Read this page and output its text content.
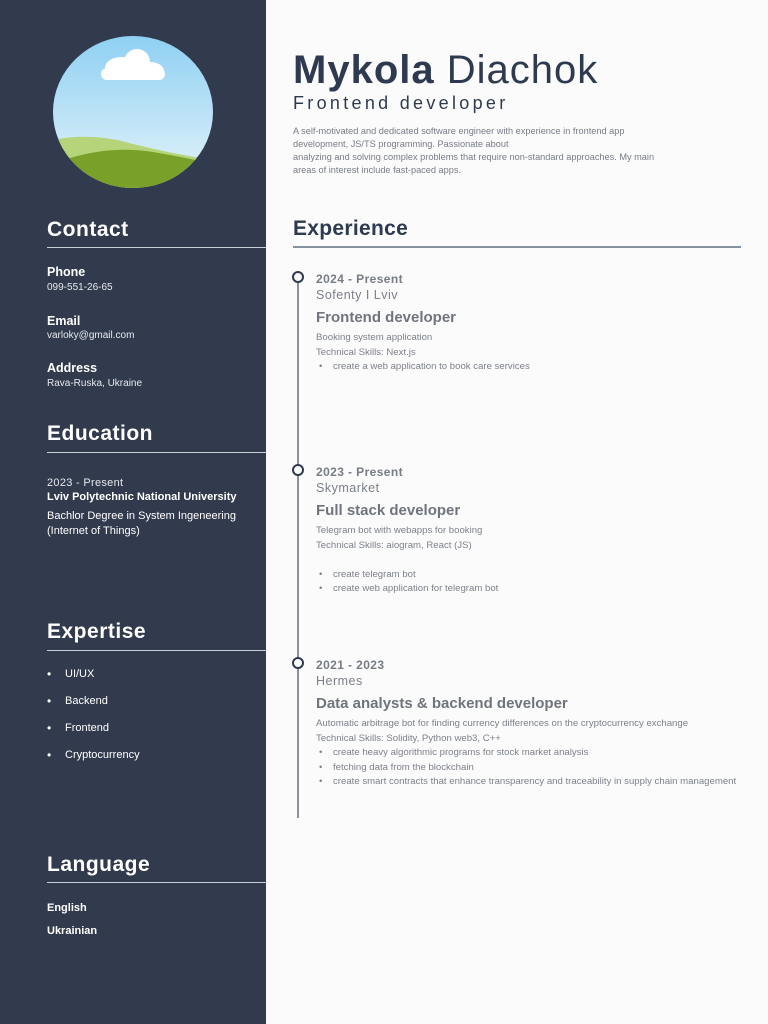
Contact
Phone
099-551-26-65
Email
varloky@gmail.com
Address
Rava-Ruska, Ukraine
Education
2023 - Present
Lviv Polytechnic National University
Bachlor Degree in System Ingeneering (Internet of Things)
Expertise
• UI/UX
• Backend
• Frontend
• Cryptocurrency
Language
English
Ukrainian
Mykola Diachok
Frontend developer
A self-motivated and dedicated software engineer with experience in frontend app
development, JS/TS programming. Passionate about
analyzing and solving complex problems that require non-standard approaches. My main
areas of interest include fast-paced apps.
Experience
2024 - Present
Sofenty I Lviv
Frontend developer
Booking system application
Technical Skills: Next.js
• create a web application to book care services
2023 - Present
Skymarket
Full stack developer
Telegram bot with webapps for booking
Technical Skills: aiogram, React (JS)
• create telegram bot
• create web application for telegram bot
2021 - 2023
Hermes
Data analysts & backend developer
Automatic arbitrage bot for finding currency differences on the cryptocurrency exchange
Technical Skills: Solidity, Python web3, C++
• create heavy algorithmic programs for stock market analysis
• fetching data from the blockchain
• create smart contracts that enhance transparency and traceability in supply chain management
